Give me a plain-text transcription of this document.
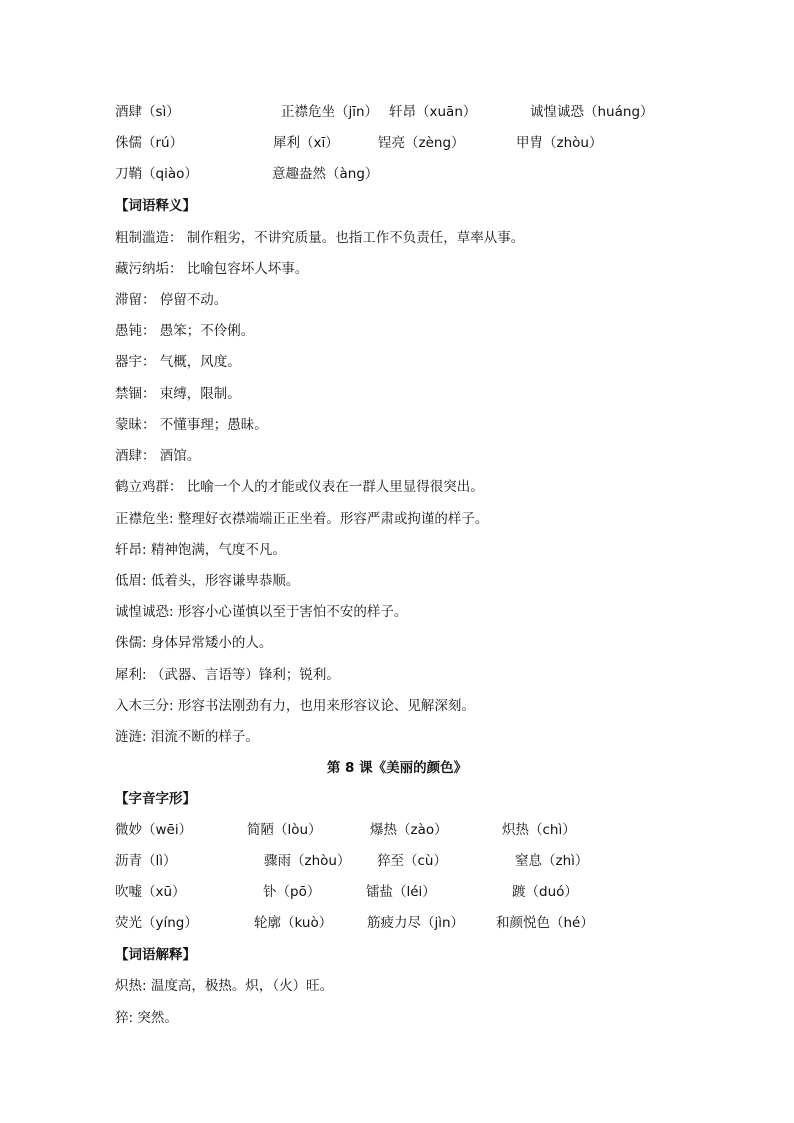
酒肆（sì）	正襟危坐（jīn） 轩昂（xuān）	诚惶诚恐（huáng）
侏儒（rú）	犀利（xī）	锃亮（zèng）	甲胄（zhòu）
刀鞘（qiào）	意趣盎然（àng）
【词语释义】
粗制滥造： 制作粗劣，不讲究质量。也指工作不负责任，草率从事。
藏污纳垢： 比喻包容坏人坏事。
滞留： 停留不动。
愚钝： 愚笨；不伶俐。
器宇： 气概，风度。
禁锢： 束缚，限制。
蒙昧： 不懂事理；愚昧。
酒肆： 酒馆。
鹤立鸡群： 比喻一个人的才能或仪表在一群人里显得很突出。
正襟危坐: 整理好衣襟端端正正坐着。形容严肃或拘谨的样子。
轩昂: 精神饱满，气度不凡。
低眉: 低着头，形容谦卑恭顺。
诚惶诚恐: 形容小心谨慎以至于害怕不安的样子。
侏儒: 身体异常矮小的人。
犀利: （武器、言语等）锋利；锐利。
入木三分: 形容书法刚劲有力，也用来形容议论、见解深刻。
涟涟: 泪流不断的样子。
第 8 课《美丽的颜色》
【字音字形】
微妙（wēi）	简陋（lòu）	爆热（zào）	炽热（chì）
沥青（lì）	骤雨（zhòu） 猝至（cù）	窒息（zhì）
吹嘘（xū）	钋（pō）	镭盐（léi）	踱（duó）
荧光（yíng）	轮廓（kuò）	筋疲力尽（jìn） 和颜悦色（hé）
【词语解释】
炽热: 温度高，极热。炽，（火）旺。
猝: 突然。
